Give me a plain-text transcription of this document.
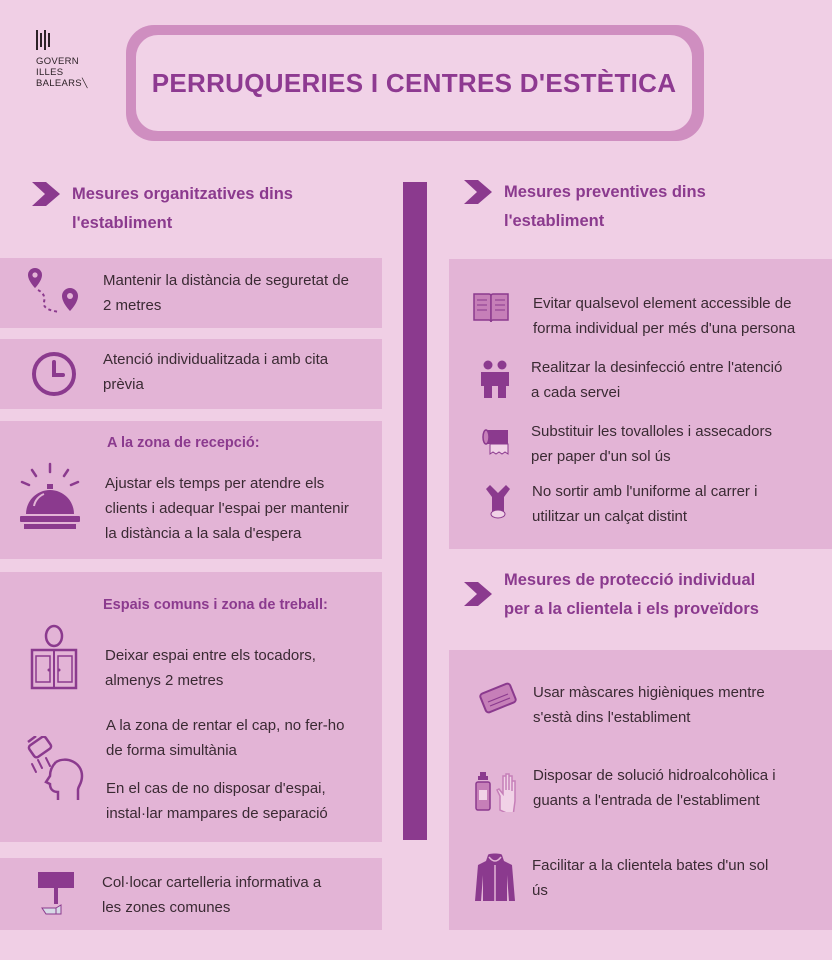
GOVERN
ILLES
BALEARS╲	PERRUQUERIES I CENTRES D'ESTÈTICA
Mesures organitzatives dins
l'establiment
Mantenir la distància de seguretat de
2 metres
Atenció individualitzada i amb cita
prèvia
A la zona de recepció:
Ajustar els temps per atendre els
clients i adequar l'espai per mantenir
la distància a la sala d'espera
Espais comuns i zona de treball:
Deixar espai entre els tocadors,
almenys 2 metres
A la zona de rentar el cap, no fer-ho
de forma simultània
En el cas de no disposar d'espai,
instal·lar mampares de separació
Col·locar cartelleria informativa a
les zones comunes
Mesures preventives dins
l'establiment
Evitar qualsevol element accessible de
forma individual per més d'una persona
Realitzar la desinfecció entre l'atenció
a cada servei
Substituir les tovalloles i assecadors
per paper d'un sol ús
No sortir amb l'uniforme al carrer i
utilitzar un calçat distint
Mesures de protecció individual
per a la clientela i els proveïdors
Usar màscares higièniques mentre
s'està dins l'establiment
Disposar de solució hidroalcohòlica i
guants a l'entrada de l'establiment
Facilitar a la clientela bates d'un sol
ús
